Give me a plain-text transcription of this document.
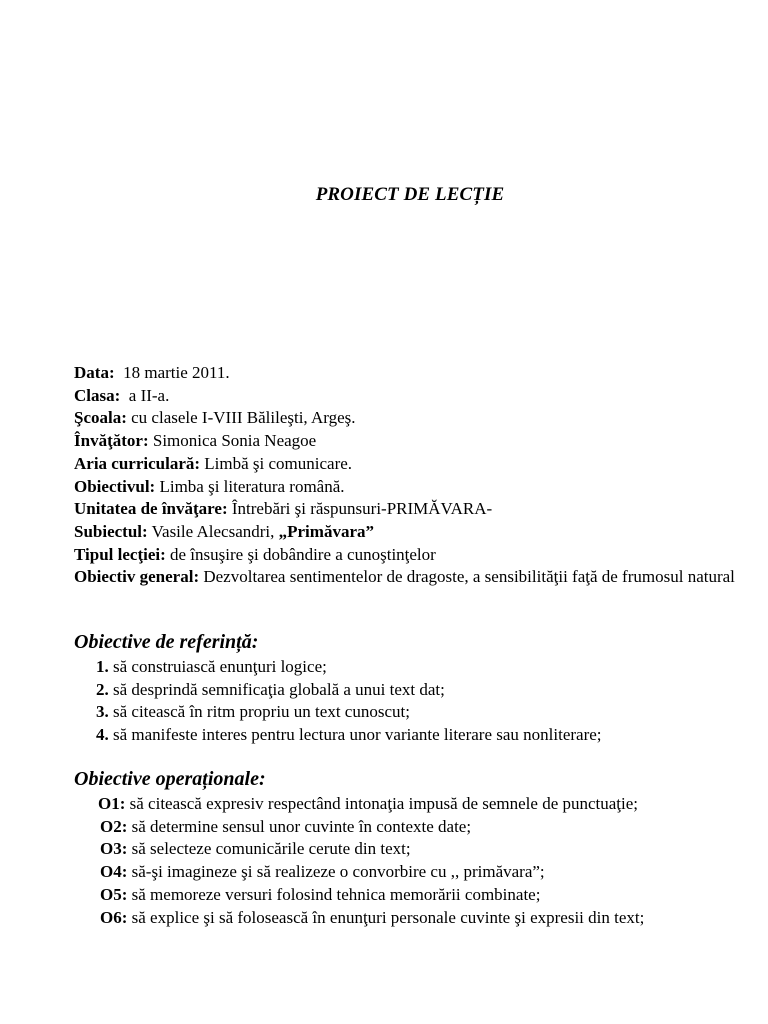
PROIECT DE LECȚIE
Data:  18 martie 2011.
Clasa:  a II-a.
Şcoala: cu clasele I-VIII Bălileşti, Argeş.
Învăţător: Simonica Sonia Neagoe
Aria curriculară: Limbă şi comunicare.
Obiectivul: Limba şi literatura română.
Unitatea de învăţare: Întrebări şi răspunsuri-PRIMĂVARA-
Subiectul: Vasile Alecsandri, „Primăvara”
Tipul lecţiei: de însuşire şi dobândire a cunoştinţelor
Obiectiv general: Dezvoltarea sentimentelor de dragoste, a sensibilităţii faţă de frumosul natural
Obiective de referință:
1. să construiască enunţuri logice;
2. să desprindă semnificaţia globală a unui text dat;
3. să citească în ritm propriu un text cunoscut;
4. să manifeste interes pentru lectura unor variante literare sau nonliterare;
Obiective operaționale:
O1: să citească expresiv respectând intonaţia impusă de semnele de punctuaţie;
O2: să determine sensul unor cuvinte în contexte date;
O3: să selecteze comunicările cerute din text;
O4: să-şi imagineze şi să realizeze o convorbire cu ,, primăvara”;
O5: să memoreze versuri folosind tehnica memorării combinate;
O6: să explice şi să folosească în enunţuri personale cuvinte şi expresii din text;
